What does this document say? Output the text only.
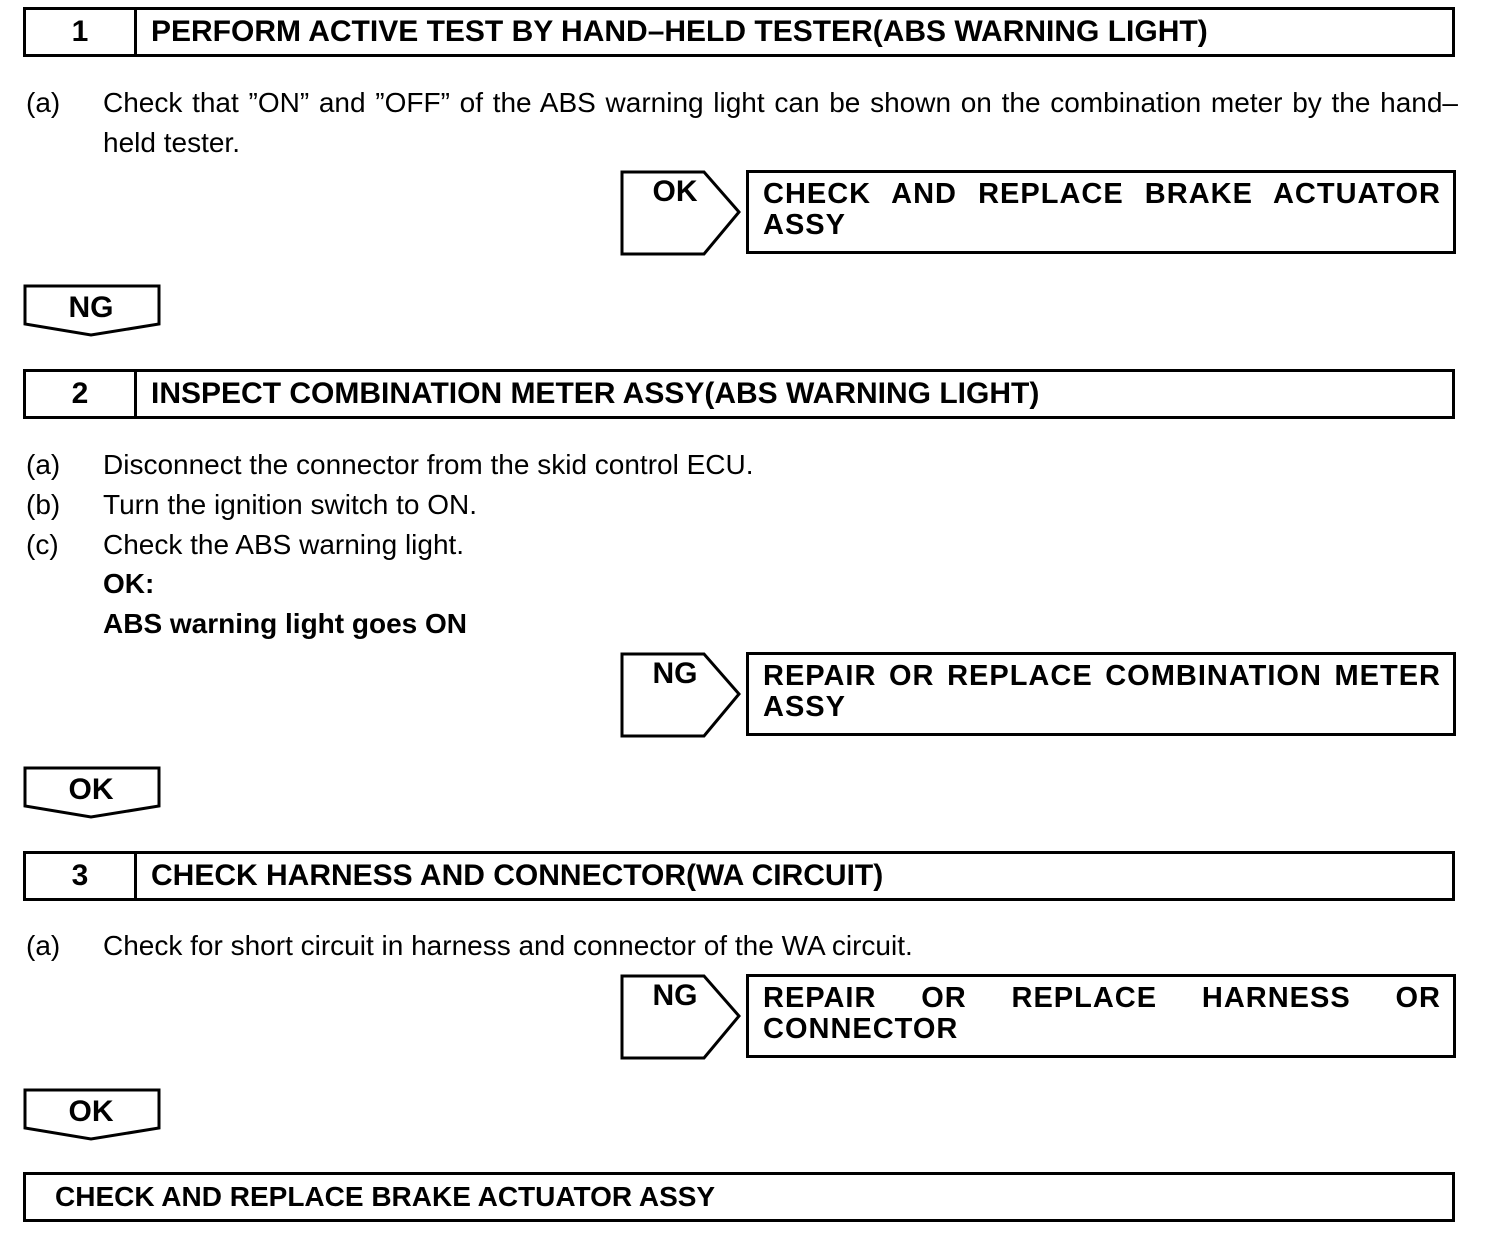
1	PERFORM ACTIVE TEST BY HAND–HELD TESTER(ABS WARNING LIGHT)
(a) Check that ”ON” and ”OFF” of the ABS warning light can be shown on the combination meter by the hand–held tester.
OK	CHECK AND REPLACE BRAKE ACTUATOR ASSY
NG
2	INSPECT COMBINATION METER ASSY(ABS WARNING LIGHT)
(a) Disconnect the connector from the skid control ECU.
(b) Turn the ignition switch to ON.
(c) Check the ABS warning light.
OK:
ABS warning light goes ON
NG	REPAIR OR REPLACE COMBINATION METER ASSY
OK
3	CHECK HARNESS AND CONNECTOR(WA CIRCUIT)
(a) Check for short circuit in harness and connector of the WA circuit.
NG	REPAIR OR REPLACE HARNESS OR CONNECTOR
OK
CHECK AND REPLACE BRAKE ACTUATOR ASSY
